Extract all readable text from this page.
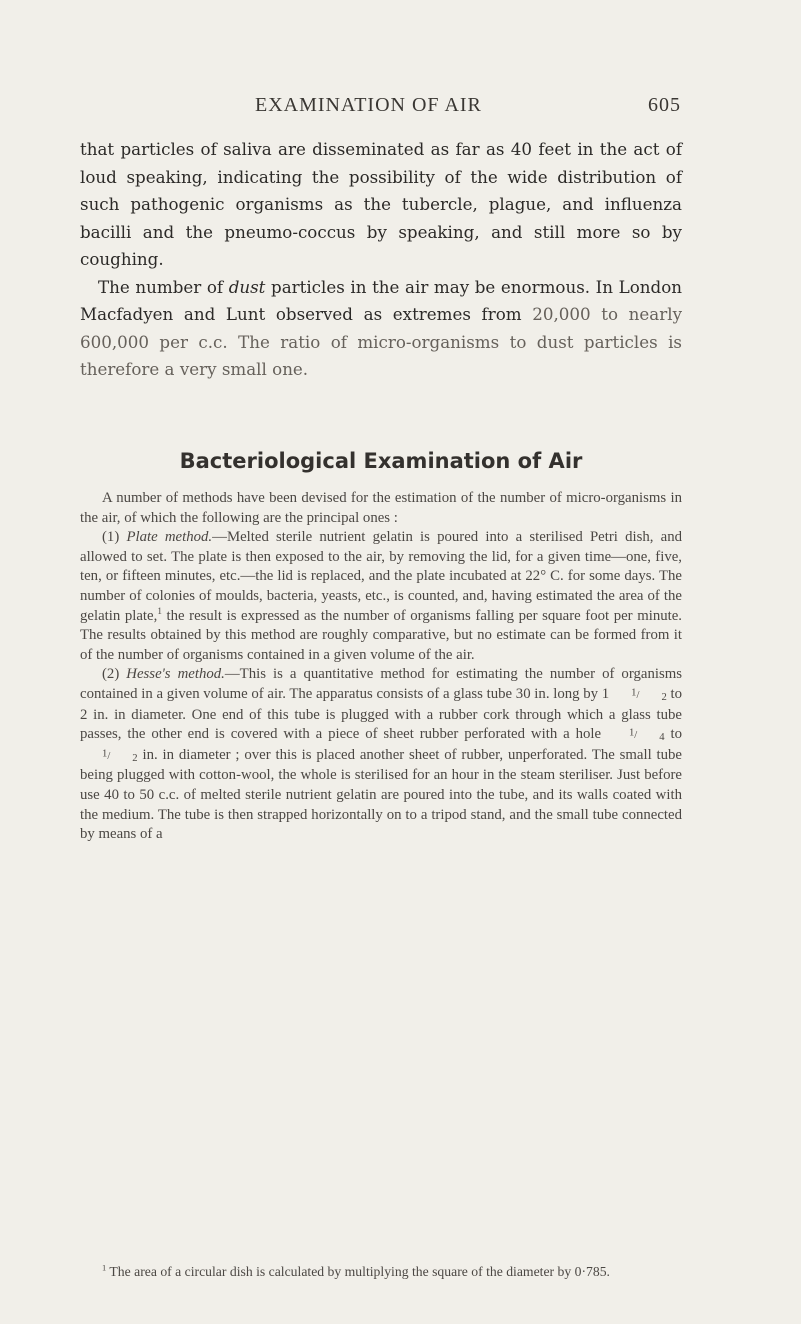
EXAMINATION OF AIR	605

that particles of saliva are disseminated as far as 40 feet in the act of loud speaking, indicating the possibility of the wide distribution of such pathogenic organisms as the tubercle, plague, and influenza bacilli and the pneumo-coccus by speaking, and still more so by coughing.

The number of dust particles in the air may be enormous. In London Macfadyen and Lunt observed as extremes from 20,000 to nearly 600,000 per c.c. The ratio of micro-organisms to dust particles is therefore a very small one.

Bacteriological Examination of Air

A number of methods have been devised for the estimation of the number of micro-organisms in the air, of which the following are the principal ones :

(1) Plate method.—Melted sterile nutrient gelatin is poured into a sterilised Petri dish, and allowed to set. The plate is then exposed to the air, by removing the lid, for a given time—one, five, ten, or fifteen minutes, etc.—the lid is replaced, and the plate incubated at 22° C. for some days. The number of colonies of moulds, bacteria, yeasts, etc., is counted, and, having estimated the area of the gelatin plate,$^1$ the result is expressed as the number of organisms falling per square foot per minute. The results obtained by this method are roughly comparative, but no estimate can be formed from it of the number of organisms contained in a given volume of the air.

(2) Hesse's method.—This is a quantitative method for estimating the number of organisms contained in a given volume of air. The apparatus consists of a glass tube 30 in. long by 1 1/ 2 to 2 in. in diameter. One end of this tube is plugged with a rubber cork through which a glass tube passes, the other end is covered with a piece of sheet rubber perforated with a hole 1/ 4 to 1/ 2 in. in diameter ; over this is placed another sheet of rubber, unperforated. The small tube being plugged with cotton-wool, the whole is sterilised for an hour in the steam steriliser. Just before use 40 to 50 c.c. of melted sterile nutrient gelatin are poured into the tube, and its walls coated with the medium. The tube is then strapped horizontally on to a tripod stand, and the small tube connected by means of a

$^1$ The area of a circular dish is calculated by multiplying the square of the diameter by 0·785.
